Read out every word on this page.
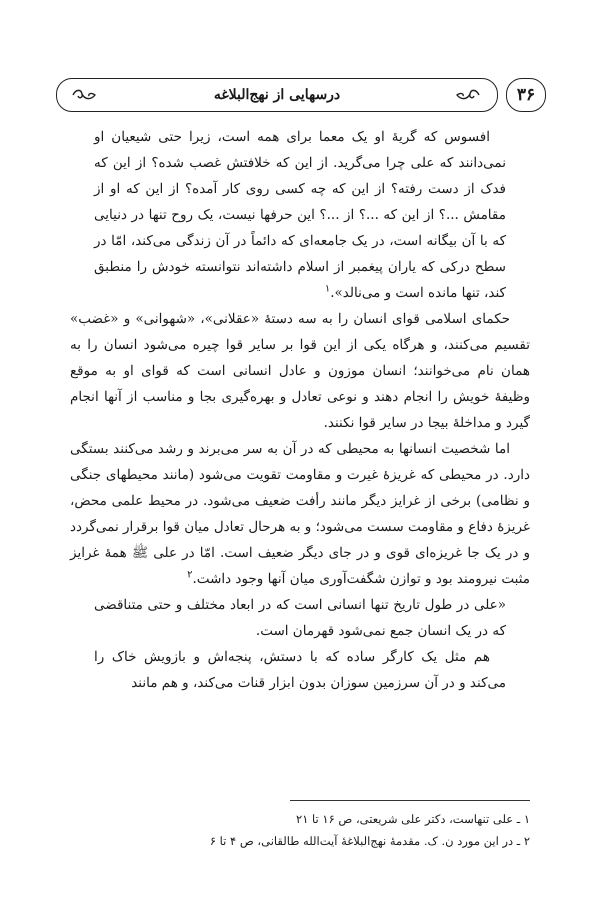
درسهایی از نهج‌البلاغه	۳۶

افسوس که گریهٔ او یک معما برای همه است، زیرا حتی شیعیان او نمی‌دانند که علی چرا می‌گرید. از این که خلافتش غصب شده؟ از این که فدک از دست رفته؟ از این که چه کسی روی کار آمده؟ از این که او از مقامش ...؟ از این که ...؟ از ...؟ این حرفها نیست، یک روح تنها در دنیایی که با آن بیگانه است، در یک جامعه‌ای که دائماً در آن زندگی می‌کند، امّا در سطح درکی که یاران پیغمبر از اسلام داشته‌اند نتوانسته خودش را منطبق کند، تنها مانده است و می‌نالد».$^۱$

حکمای اسلامی قوای انسان را به سه دستهٔ «عقلانی»، «شهوانی» و «غضب» تقسیم می‌کنند، و هرگاه یکی از این قوا بر سایر قوا چیره می‌شود انسان را به همان نام می‌خوانند؛ انسان موزون و عادل انسانی است که قوای او به موقع وظیفهٔ خویش را انجام دهند و نوعی تعادل و بهره‌گیری بجا و مناسب از آنها انجام گیرد و مداخلهٔ بیجا در سایر قوا نکنند.

اما شخصیت انسانها به محیطی که در آن به سر می‌برند و رشد می‌کنند بستگی دارد. در محیطی که غریزهٔ غیرت و مقاومت تقویت می‌شود (مانند محیطهای جنگی و نظامی) برخی از غرایز دیگر مانند رأفت ضعیف می‌شود. در محیط علمی محض، غریزهٔ دفاع و مقاومت سست می‌شود؛ و به هرحال تعادل میان قوا برقرار نمی‌گردد و در یک جا غریزه‌ای قوی و در جای دیگر ضعیف است. امّا در علی ﷺ همهٔ غرایز مثبت نیرومند بود و توازن شگفت‌آوری میان آنها وجود داشت.$^۲$

«علی در طول تاریخ تنها انسانی است که در ابعاد مختلف و حتی متناقضی که در یک انسان جمع نمی‌شود قهرمان است.

هم مثل یک کارگر ساده که با دستش، پنجه‌اش و بازویش خاک را می‌کند و در آن سرزمین سوزان بدون ابزار قنات می‌کند، و هم مانند

۱ ـ علی تنهاست، دکتر علی شریعتی، ص ۱۶ تا ۲۱

۲ ـ در این مورد ن. ک. مقدمهٔ نهج‌البلاغهٔ آیت‌الله طالقانی، ص ۴ تا ۶
